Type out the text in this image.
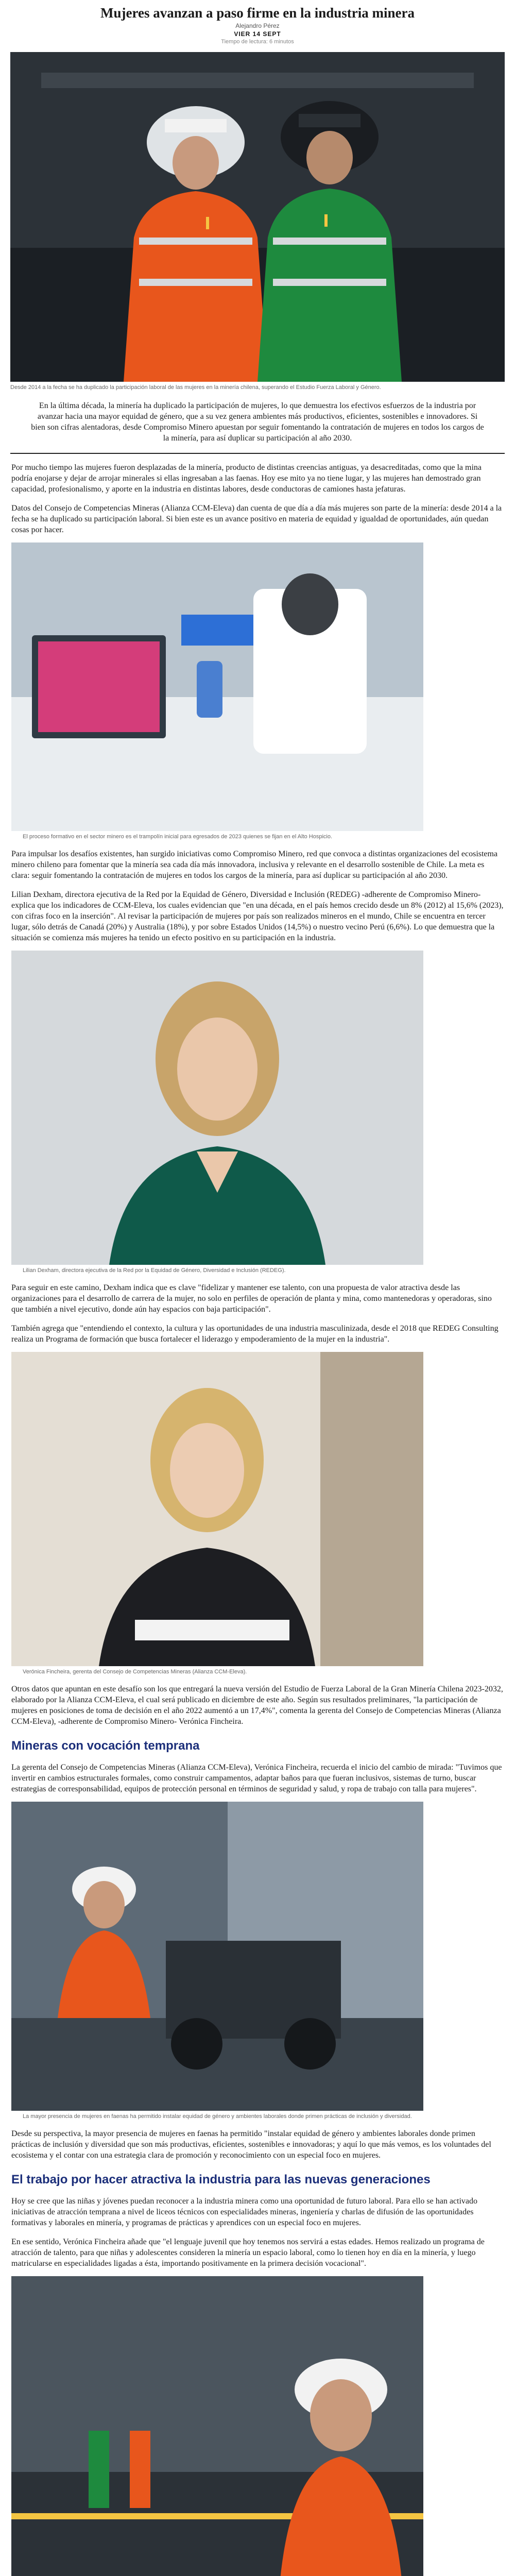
Mujeres avanzan a paso firme en la industria minera
Alejandro Pérez
VIER 14 SEPT
Tiempo de lectura: 6 minutos
Desde 2014 a la fecha se ha duplicado la participación laboral de las mujeres en la minería chilena, superando el Estudio Fuerza Laboral y Género.

En la última década, la minería ha duplicado la participación de mujeres, lo que demuestra los efectivos esfuerzos de la industria por avanzar hacia una mayor equidad de género, que a su vez genera ambientes más productivos, eficientes, sostenibles e innovadores. Si bien son cifras alentadoras, desde Compromiso Minero apuestan por seguir fomentando la contratación de mujeres en todos los cargos de la minería, para así duplicar su participación al año 2030.

Por mucho tiempo las mujeres fueron desplazadas de la minería, producto de distintas creencias antiguas, ya desacreditadas, como que la mina podría enojarse y dejar de arrojar minerales si ellas ingresaban a las faenas. Hoy ese mito ya no tiene lugar, y las mujeres han demostrado gran capacidad, profesionalismo, y aporte en la industria en distintas labores, desde conductoras de camiones hasta jefaturas.

Datos del Consejo de Competencias Mineras (Alianza CCM-Eleva) dan cuenta de que día a día más mujeres son parte de la minería: desde 2014 a la fecha se ha duplicado su participación laboral. Si bien este es un avance positivo en materia de equidad y igualdad de oportunidades, aún quedan cosas por hacer.

El proceso formativo en el sector minero es el trampolín inicial para egresados de 2023 quienes se fijan en el Alto Hospicio.

Para impulsar los desafíos existentes, han surgido iniciativas como Compromiso Minero, red que convoca a distintas organizaciones del ecosistema minero chileno para fomentar que la minería sea cada día más innovadora, inclusiva y relevante en el desarrollo sostenible de Chile. La meta es clara: seguir fomentando la contratación de mujeres en todos los cargos de la minería, para así duplicar su participación al año 2030.

Lilian Dexham, directora ejecutiva de la Red por la Equidad de Género, Diversidad e Inclusión (REDEG) -adherente de Compromiso Minero- explica que los indicadores de CCM-Eleva, los cuales evidencian que "en una década, en el país hemos crecido desde un 8% (2012) al 15,6% (2023), con cifras foco en la inserción". Al revisar la participación de mujeres por país son realizados mineros en el mundo, Chile se encuentra en tercer lugar, sólo detrás de Canadá (20%) y Australia (18%), y por sobre Estados Unidos (14,5%) o nuestro vecino Perú (6,6%). Lo que demuestra que la situación se comienza más mujeres ha tenido un efecto positivo en su participación en la industria.

Lilian Dexham, directora ejecutiva de la Red por la Equidad de Género, Diversidad e Inclusión (REDEG).

Para seguir en este camino, Dexham indica que es clave "fidelizar y mantener ese talento, con una propuesta de valor atractiva desde las organizaciones para el desarrollo de carrera de la mujer, no solo en perfiles de operación de planta y mina, como mantenedoras y operadoras, sino que también a nivel ejecutivo, donde aún hay espacios con baja participación".

También agrega que "entendiendo el contexto, la cultura y las oportunidades de una industria masculinizada, desde el 2018 que REDEG Consulting realiza un Programa de formación que busca fortalecer el liderazgo y empoderamiento de la mujer en la industria".

Verónica Fincheira, gerenta del Consejo de Competencias Mineras (Alianza CCM-Eleva).

Otros datos que apuntan en este desafío son los que entregará la nueva versión del Estudio de Fuerza Laboral de la Gran Minería Chilena 2023-2032, elaborado por la Alianza CCM-Eleva, el cual será publicado en diciembre de este año. Según sus resultados preliminares, "la participación de mujeres en posiciones de toma de decisión en el año 2022 aumentó a un 17,4%", comenta la gerenta del Consejo de Competencias Mineras (Alianza CCM-Eleva), -adherente de Compromiso Minero- Verónica Fincheira.

Mineras con vocación temprana

La gerenta del Consejo de Competencias Mineras (Alianza CCM-Eleva), Verónica Fincheira, recuerda el inicio del cambio de mirada: "Tuvimos que invertir en cambios estructurales formales, como construir campamentos, adaptar baños para que fueran inclusivos, sistemas de turno, buscar estrategias de corresponsabilidad, equipos de protección personal en términos de seguridad y salud, y ropa de trabajo con talla para mujeres".

La mayor presencia de mujeres en faenas ha permitido instalar equidad de género y ambientes laborales donde primen prácticas de inclusión y diversidad.

Desde su perspectiva, la mayor presencia de mujeres en faenas ha permitido "instalar equidad de género y ambientes laborales donde primen prácticas de inclusión y diversidad que son más productivas, eficientes, sostenibles e innovadoras; y aquí lo que más vemos, es los voluntades del ecosistema y el contar con una estrategia clara de promoción y reconocimiento con un especial foco en mujeres.

El trabajo por hacer atractiva la industria para las nuevas generaciones

Hoy se cree que las niñas y jóvenes puedan reconocer a la industria minera como una oportunidad de futuro laboral. Para ello se han activado iniciativas de atracción temprana a nivel de liceos técnicos con especialidades mineras, ingeniería y charlas de difusión de las oportunidades formativas y laborales en minería, y programas de prácticas y aprendices con un especial foco en mujeres.

En ese sentido, Verónica Fincheira añade que "el lenguaje juvenil que hoy tenemos nos servirá a estas edades. Hemos realizado un programa de atracción de talento, para que niñas y adolescentes consideren la minería un espacio laboral, como lo tienen hoy en día en la minería, y luego matricularse en especialidades ligadas a ésta, importando positivamente en la primera decisión vocacional".
